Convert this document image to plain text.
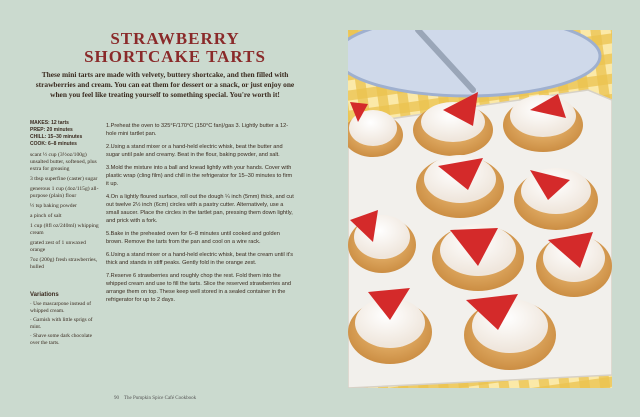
STRAWBERRY
SHORTCAKE TARTS
These mini tarts are made with velvety, buttery shortcake, and then filled with strawberries and cream. You can eat them for dessert or a snack, or just enjoy one when you feel like treating yourself to something special. You're worth it!
MAKES: 12 tarts
PREP: 20 minutes
CHILL: 15–30 minutes
COOK: 6–8 minutes
scant ½ cup (3½oz/100g) unsalted butter, softened, plus extra for greasing
3 tbsp superfine (caster) sugar
generous 1 cup (4oz/115g) all-purpose (plain) flour
½ tsp baking powder
a pinch of salt
1 cup (8fl oz/240ml) whipping cream
grated zest of 1 unwaxed orange
7oz (200g) fresh strawberries, hulled
Variations
· Use mascarpone instead of whipped cream.
· Garnish with little sprigs of mint.
· Shave some dark chocolate over the tarts.
1.Preheat the oven to 325°F/170°C (150°C fan)/gas 3. Lightly butter a 12-hole mini tartlet pan.
2.Using a stand mixer or a hand-held electric whisk, beat the butter and sugar until pale and creamy. Beat in the flour, baking powder, and salt.
3.Mold the mixture into a ball and knead lightly with your hands. Cover with plastic wrap (cling film) and chill in the refrigerator for 15–30 minutes to firm it up.
4.On a lightly floured surface, roll out the dough ¼ inch (5mm) thick, and cut out twelve 2½ inch (6cm) circles with a pastry cutter. Alternatively, use a small saucer. Place the circles in the tartlet pan, pressing them down lightly, and prick with a fork.
5.Bake in the preheated oven for 6–8 minutes until cooked and golden brown. Remove the tarts from the pan and cool on a wire rack.
6.Using a stand mixer or a hand-held electric whisk, beat the cream until it's thick and stands in stiff peaks. Gently fold in the orange zest.
7.Reserve 6 strawberries and roughly chop the rest. Fold them into the whipped cream and use to fill the tarts. Slice the reserved strawberries and arrange them on top. These keep well stored in a sealed container in the refrigerator for up to 2 days.
90 The Pumpkin Spice Café Cookbook
